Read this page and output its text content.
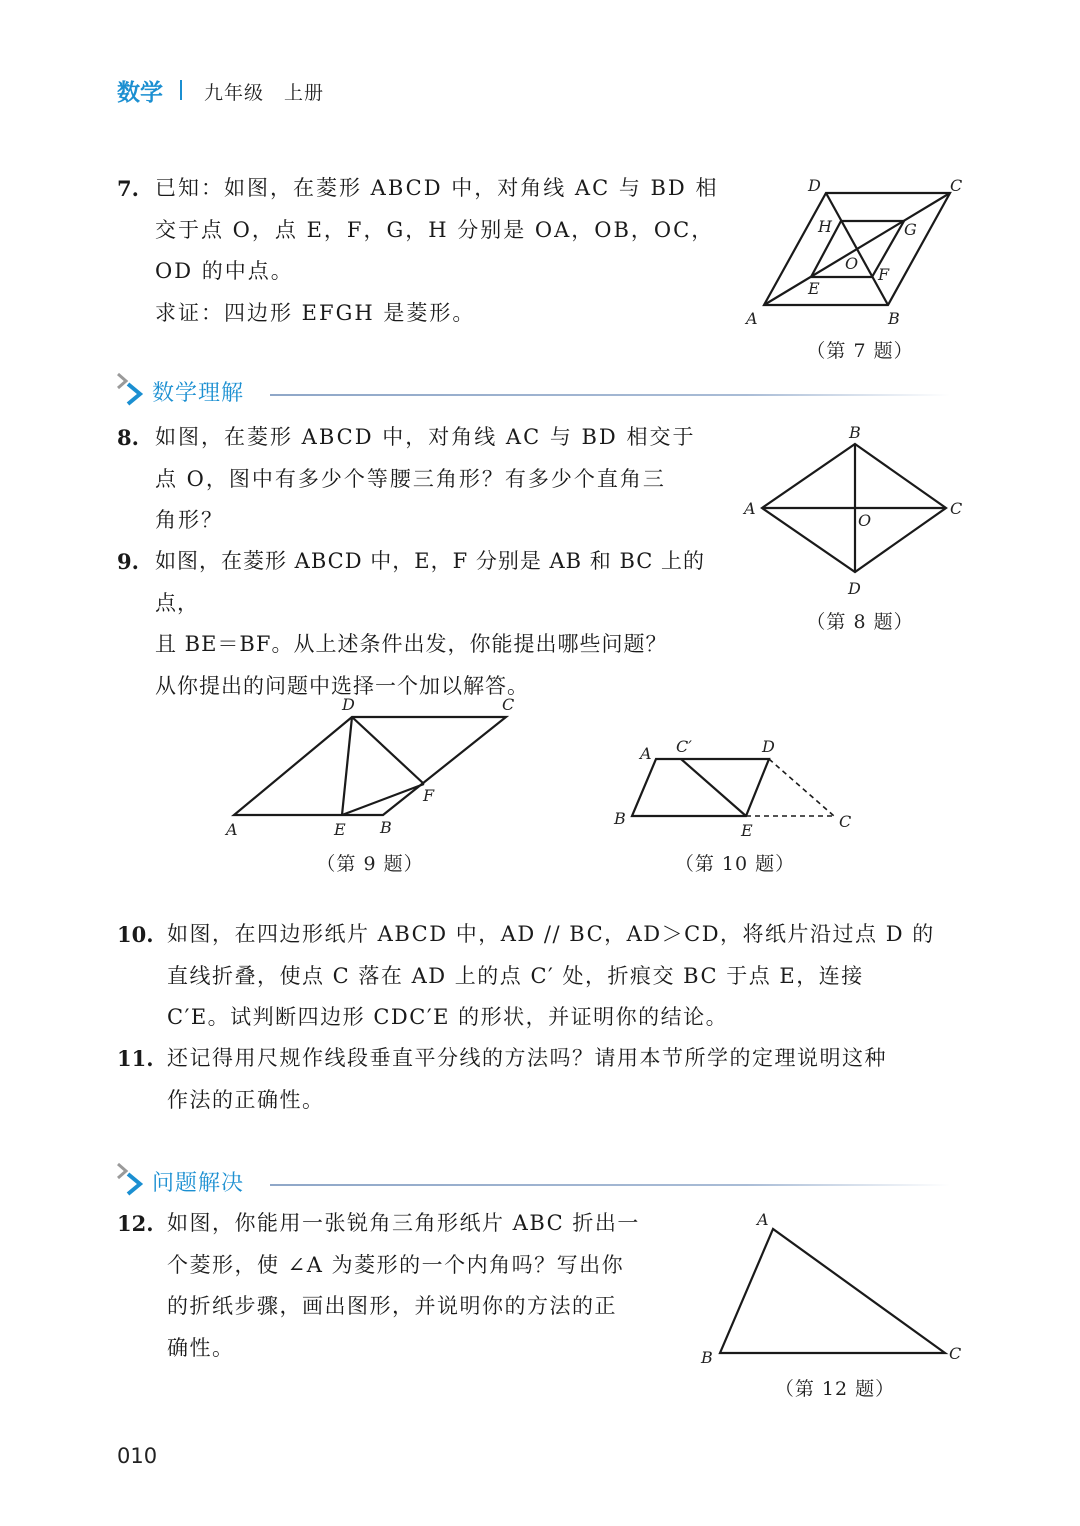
数学 九年级　上册
7. 已知：如图，在菱形 ABCD 中，对角线 AC 与 BD 相
交于点 O，点 E，F，G，H 分别是 OA，OB，OC，
OD 的中点。
求证：四边形 EFGH 是菱形。	A	B
C
D
E
F
G
H
O
（第 7 题）
数学理解
8. 如图，在菱形 ABCD 中，对角线 AC 与 BD 相交于
点 O，图中有多少个等腰三角形？有多少个直角三
角形？
B
A	C
D
O
（第 8 题）
9. 如图，在菱形 ABCD 中，E，F 分别是 AB 和 BC 上的点，
且 BE＝BF。从上述条件出发，你能提出哪些问题？
从你提出的问题中选择一个加以解答。
A	E B
F
D	C
（第 9 题）
A C′	D
B
E	C
（第 10 题）
10. 如图，在四边形纸片 ABCD 中，AD // BC，AD＞CD，将纸片沿过点 D 的
直线折叠，使点 C 落在 AD 上的点 C′ 处，折痕交 BC 于点 E，连接
C′E。试判断四边形 CDC′E 的形状，并证明你的结论。
11. 还记得用尺规作线段垂直平分线的方法吗？请用本节所学的定理说明这种
作法的正确性。
问题解决
12. 如图，你能用一张锐角三角形纸片 ABC 折出一
个菱形，使 ∠A 为菱形的一个内角吗？写出你
的折纸步骤，画出图形，并说明你的方法的正
确性。
A
B	C
（第 12 题）
010
